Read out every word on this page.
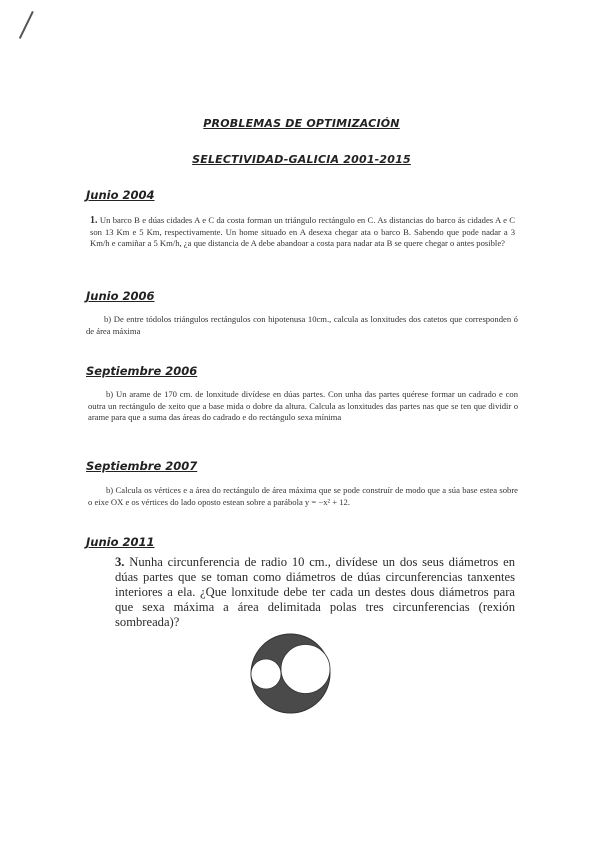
PROBLEMAS DE OPTIMIZACIÓN
SELECTIVIDAD-GALICIA 2001-2015
Junio 2004
1. Un barco B e dúas cidades A e C da costa forman un triángulo rectángulo en C. As distancias do barco ás cidades A e C son 13 Km e 5 Km, respectivamente. Un home situado en A desexa chegar ata o barco B. Sabendo que pode nadar a 3 Km/h e camiñar a 5 Km/h, ¿a que distancia de A debe abandoar a costa para nadar ata B se quere chegar o antes posible?
Junio 2006
b) De entre tódolos triángulos rectángulos con hipotenusa 10cm., calcula as lonxitudes dos catetos que corresponden ó de área máxima
Septiembre 2006
b) Un arame de 170 cm. de lonxitude divídese en dúas partes. Con unha das partes quérese formar un cadrado e con outra un rectángulo de xeito que a base mida o dobre da altura. Calcula as lonxitudes das partes nas que se ten que dividir o arame para que a suma das áreas do cadrado e do rectángulo sexa mínima
Septiembre 2007
b) Calcula os vértices e a área do rectángulo de área máxima que se pode construír de modo que a súa base estea sobre o eixe OX e os vértices do lado oposto estean sobre a parábola y = −x² + 12.
Junio 2011
3. Nunha circunferencia de radio 10 cm., divídese un dos seus diámetros en dúas partes que se toman como diámetros de dúas circunferencias tanxentes interiores a ela. ¿Que lonxitude debe ter cada un destes dous diámetros para que sexa máxima a área delimitada polas tres circunferencias (rexión sombreada)?
